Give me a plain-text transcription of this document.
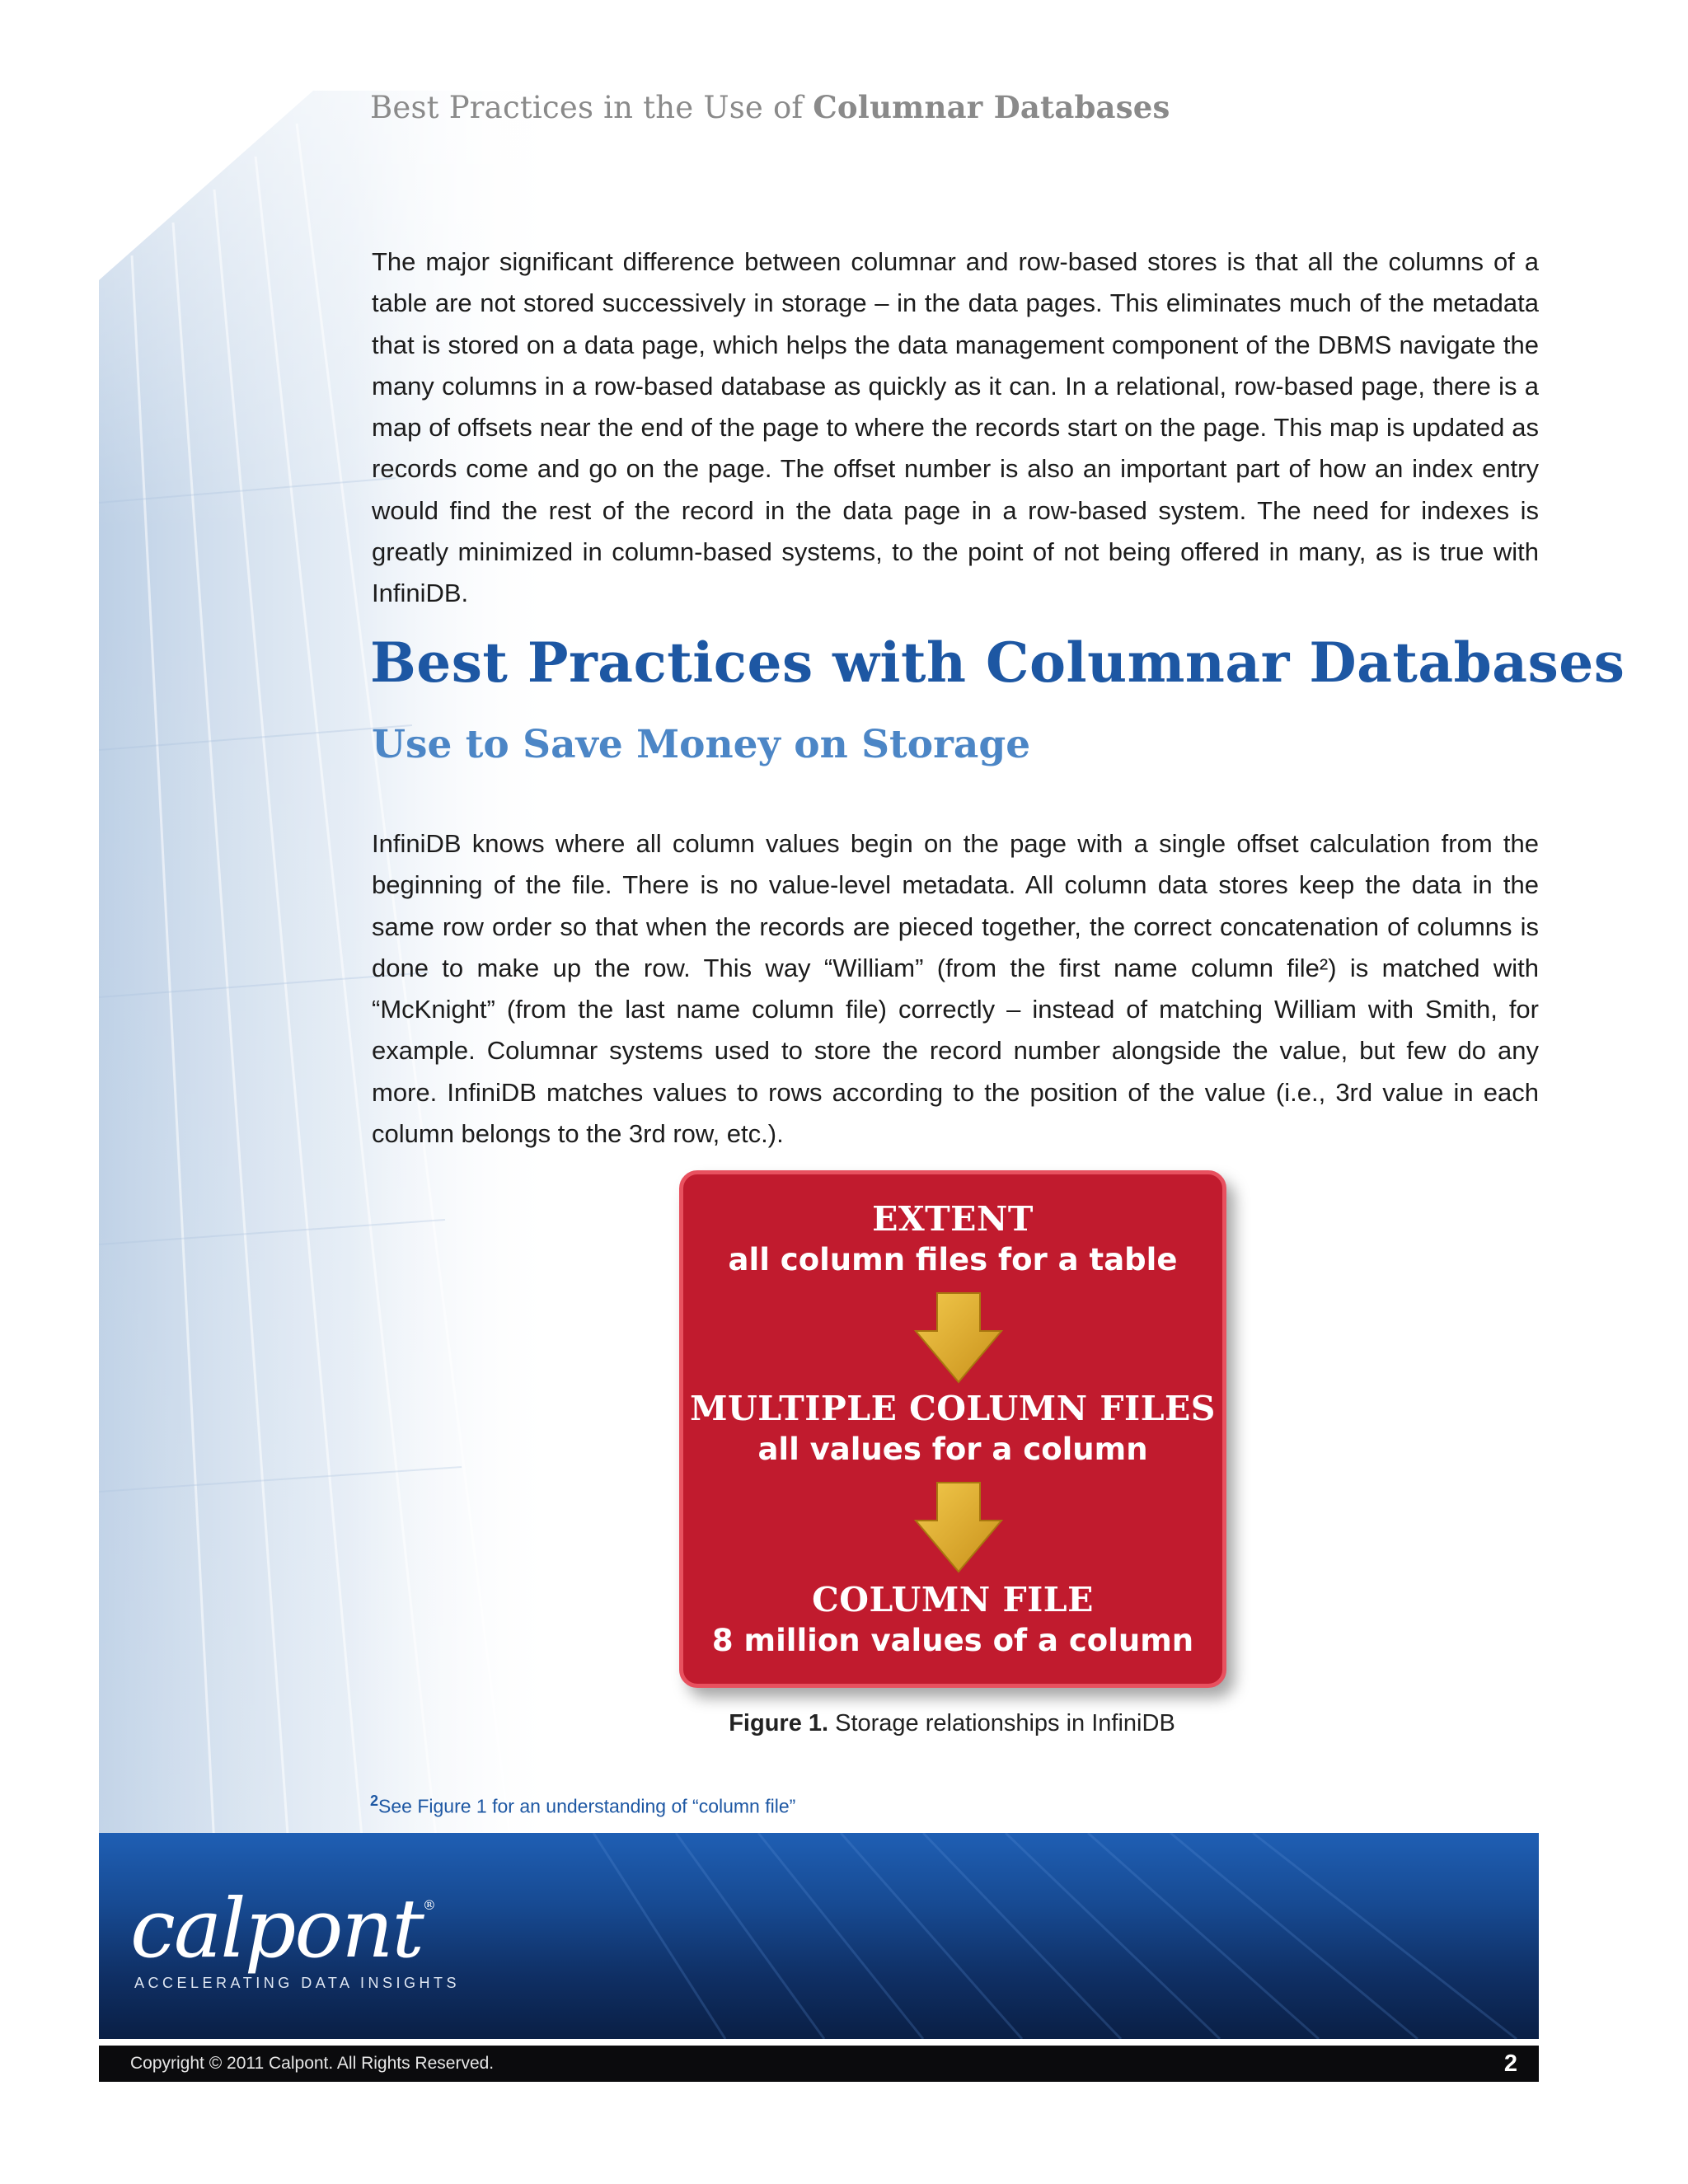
Best Practices in the Use of Columnar Databases

The major significant difference between columnar and row-based stores is that all the columns of a table are not stored successively in storage – in the data pages. This eliminates much of the metadata that is stored on a data page, which helps the data management component of the DBMS navigate the many columns in a row-based database as quickly as it can. In a relational, row-based page, there is a map of offsets near the end of the page to where the records start on the page. This map is updated as records come and go on the page. The offset number is also an important part of how an index entry would find the rest of the record in the data page in a row-based system. The need for indexes is greatly minimized in column-based systems, to the point of not being offered in many, as is true with InfiniDB.

Best Practices with Columnar Databases
Use to Save Money on Storage

InfiniDB knows where all column values begin on the page with a single offset calculation from the beginning of the file. There is no value-level metadata. All column data stores keep the data in the same row order so that when the records are pieced together, the correct concatenation of columns is done to make up the row. This way “William” (from the first name column file²) is matched with “McKnight” (from the last name column file) correctly – instead of matching William with Smith, for example. Columnar systems used to store the record number alongside the value, but few do any more. InfiniDB matches values to rows according to the position of the value (i.e., 3rd value in each column belongs to the 3rd row, etc.).

EXTENT
all column files for a table
MULTIPLE COLUMN FILES
all values for a column
COLUMN FILE
8 million values of a column
Figure 1. Storage relationships in InfiniDB
$^2$See Figure 1 for an understanding of “column file”
calpont®
ACCELERATING DATA INSIGHTS
Copyright © 2011 Calpont. All Rights Reserved.	2
